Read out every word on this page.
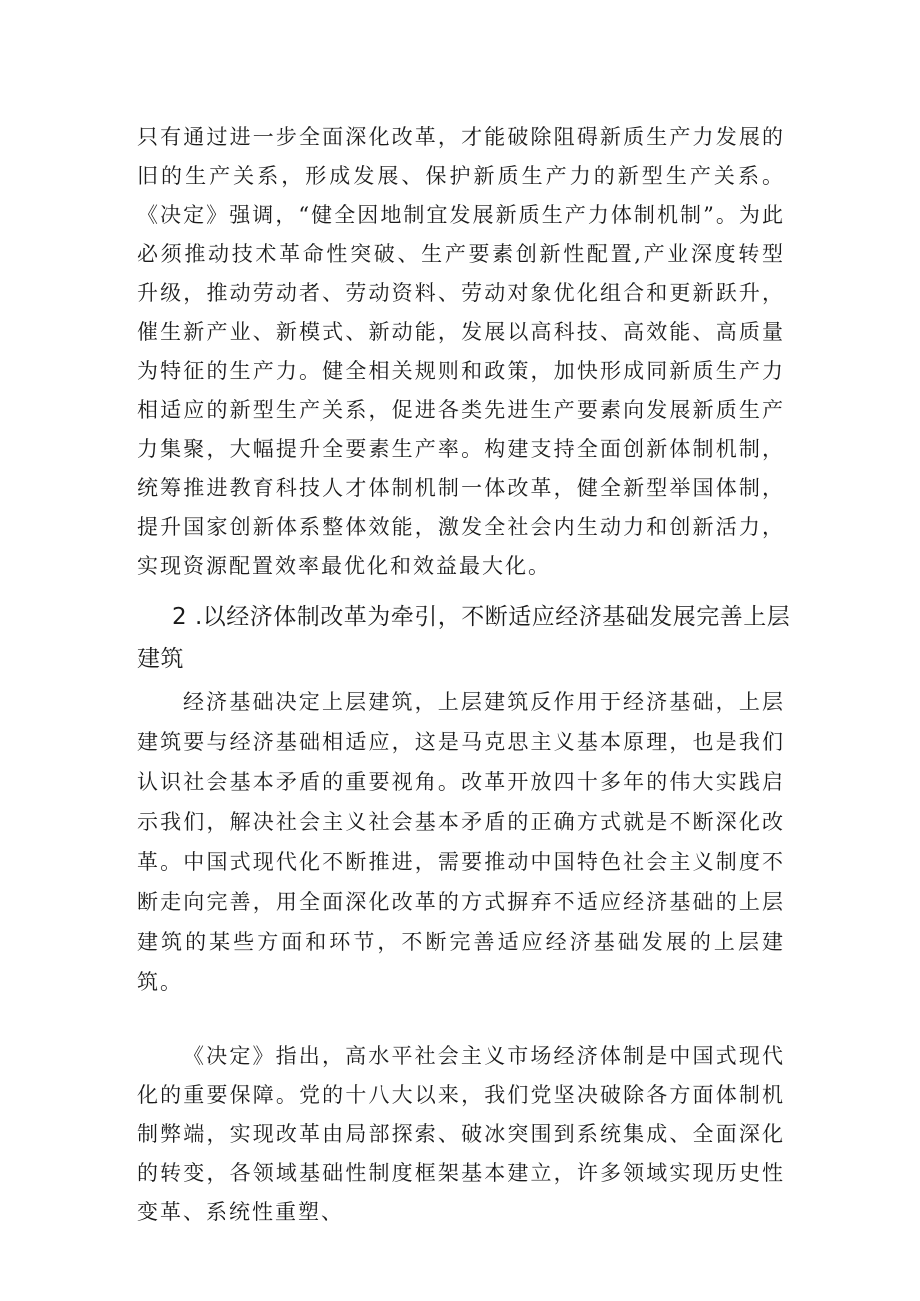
只有通过进一步全面深化改革，才能破除阻碍新质生产力发展的旧的生产关系，形成发展、保护新质生产力的新型生产关系。《决定》强调，“健全因地制宜发展新质生产力体制机制”。为此必须推动技术革命性突破、生产要素创新性配置,产业深度转型升级，推动劳动者、劳动资料、劳动对象优化组合和更新跃升，催生新产业、新模式、新动能，发展以高科技、高效能、高质量为特征的生产力。健全相关规则和政策，加快形成同新质生产力相适应的新型生产关系，促进各类先进生产要素向发展新质生产力集聚，大幅提升全要素生产率。构建支持全面创新体制机制，统筹推进教育科技人才体制机制一体改革，健全新型举国体制，提升国家创新体系整体效能，激发全社会内生动力和创新活力，实现资源配置效率最优化和效益最大化。

2 .以经济体制改革为牵引，不断适应经济基础发展完善上层建筑

经济基础决定上层建筑，上层建筑反作用于经济基础，上层建筑要与经济基础相适应，这是马克思主义基本原理，也是我们认识社会基本矛盾的重要视角。改革开放四十多年的伟大实践启示我们，解决社会主义社会基本矛盾的正确方式就是不断深化改革。中国式现代化不断推进，需要推动中国特色社会主义制度不断走向完善，用全面深化改革的方式摒弃不适应经济基础的上层建筑的某些方面和环节，不断完善适应经济基础发展的上层建筑。

《决定》指出，高水平社会主义市场经济体制是中国式现代化的重要保障。党的十八大以来，我们党坚决破除各方面体制机制弊端，实现改革由局部探索、破冰突围到系统集成、全面深化的转变，各领域基础性制度框架基本建立，许多领域实现历史性变革、系统性重塑、
